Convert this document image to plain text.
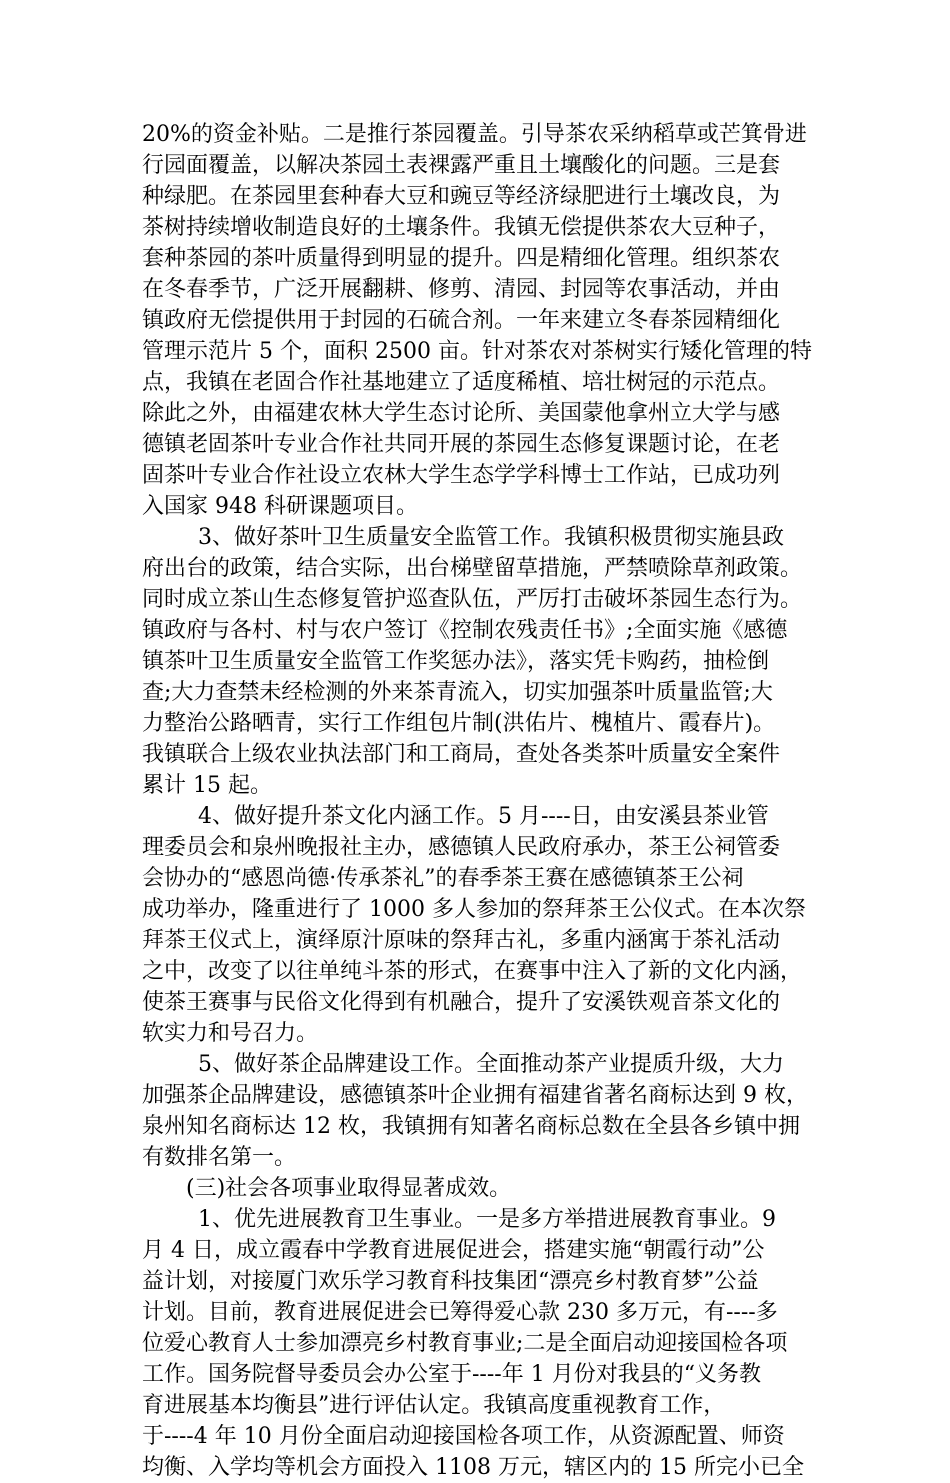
20%的资金补贴。二是推行茶园覆盖。引导茶农采纳稻草或芒箕骨进
行园面覆盖，以解决茶园土表裸露严重且土壤酸化的问题。三是套
种绿肥。在茶园里套种春大豆和豌豆等经济绿肥进行土壤改良，为
茶树持续增收制造良好的土壤条件。我镇无偿提供茶农大豆种子，
套种茶园的茶叶质量得到明显的提升。四是精细化管理。组织茶农
在冬春季节，广泛开展翻耕、修剪、清园、封园等农事活动，并由
镇政府无偿提供用于封园的石硫合剂。一年来建立冬春茶园精细化
管理示范片 5 个，面积 2500 亩。针对茶农对茶树实行矮化管理的特
点，我镇在老固合作社基地建立了适度稀植、培壮树冠的示范点。
除此之外，由福建农林大学生态讨论所、美国蒙他拿州立大学与感
德镇老固茶叶专业合作社共同开展的茶园生态修复课题讨论，在老
固茶叶专业合作社设立农林大学生态学学科博士工作站，已成功列
入国家 948 科研课题项目。
3、做好茶叶卫生质量安全监管工作。我镇积极贯彻实施县政
府出台的政策，结合实际，出台梯壁留草措施，严禁喷除草剂政策。
同时成立茶山生态修复管护巡查队伍，严厉打击破坏茶园生态行为。
镇政府与各村、村与农户签订《控制农残责任书》;全面实施《感德
镇茶叶卫生质量安全监管工作奖惩办法》，落实凭卡购药，抽检倒
查;大力查禁未经检测的外来茶青流入，切实加强茶叶质量监管;大
力整治公路晒青，实行工作组包片制(洪佑片、槐植片、霞春片)。
我镇联合上级农业执法部门和工商局，查处各类茶叶质量安全案件
累计 15 起。
4、做好提升茶文化内涵工作。5 月----日，由安溪县茶业管
理委员会和泉州晚报社主办，感德镇人民政府承办，茶王公祠管委
会协办的“感恩尚德·传承茶礼”的春季茶王赛在感德镇茶王公祠
成功举办，隆重进行了 1000 多人参加的祭拜茶王公仪式。在本次祭
拜茶王仪式上，演绎原汁原味的祭拜古礼，多重内涵寓于茶礼活动
之中，改变了以往单纯斗茶的形式，在赛事中注入了新的文化内涵，
使茶王赛事与民俗文化得到有机融合，提升了安溪铁观音茶文化的
软实力和号召力。
5、做好茶企品牌建设工作。全面推动茶产业提质升级，大力
加强茶企品牌建设，感德镇茶叶企业拥有福建省著名商标达到 9 枚，
泉州知名商标达 12 枚，我镇拥有知著名商标总数在全县各乡镇中拥
有数排名第一。
(三)社会各项事业取得显著成效。
1、优先进展教育卫生事业。一是多方举措进展教育事业。9
月 4 日，成立霞春中学教育进展促进会，搭建实施“朝霞行动”公
益计划，对接厦门欢乐学习教育科技集团“漂亮乡村教育梦”公益
计划。目前，教育进展促进会已筹得爱心款 230 多万元，有----多
位爱心教育人士参加漂亮乡村教育事业;二是全面启动迎接国检各项
工作。国务院督导委员会办公室于----年 1 月份对我县的“义务教
育进展基本均衡县”进行评估认定。我镇高度重视教育工作，
于----4 年 10 月份全面启动迎接国检各项工作，从资源配置、师资
均衡、入学均等机会方面投入 1108 万元，辖区内的 15 所完小已全
